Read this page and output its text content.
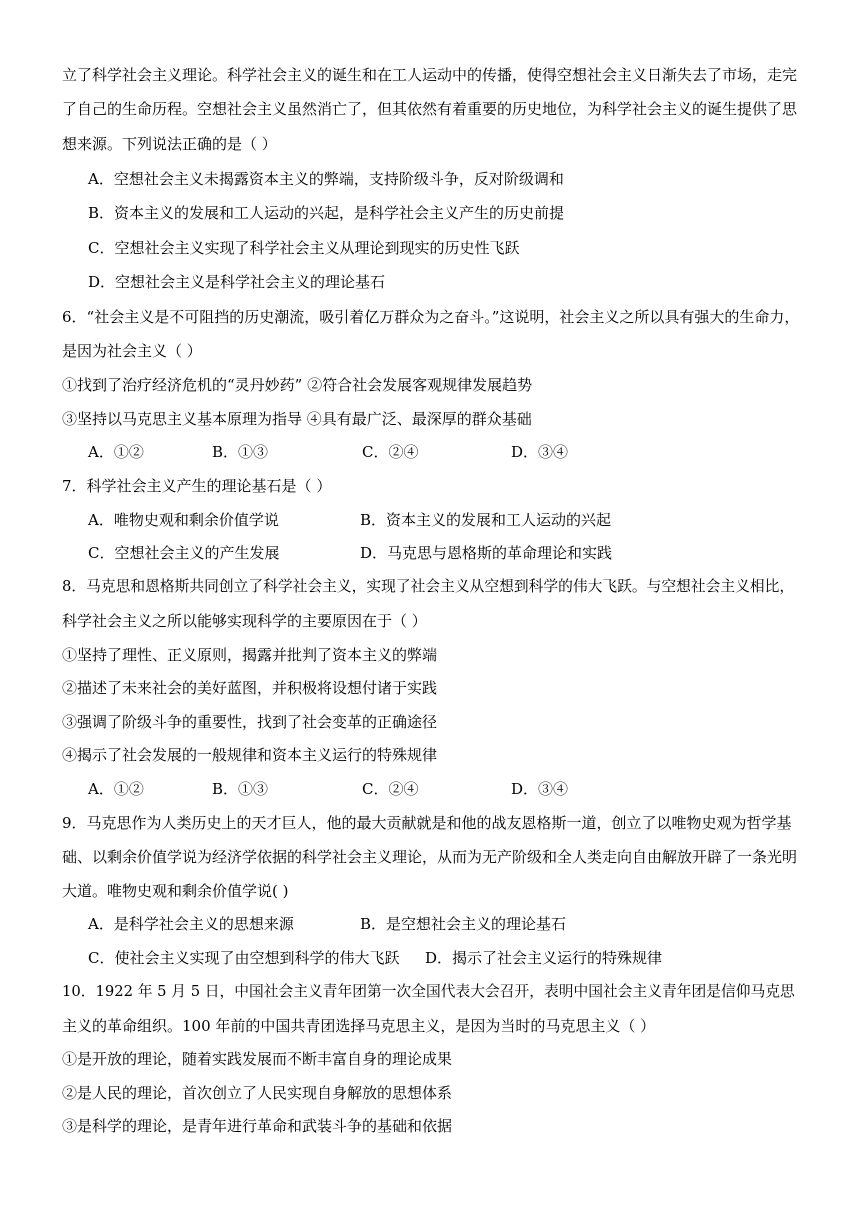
立了科学社会主义理论。科学社会主义的诞生和在工人运动中的传播，使得空想社会主义日渐失去了市场，走完
了自己的生命历程。空想社会主义虽然消亡了，但其依然有着重要的历史地位，为科学社会主义的诞生提供了思
想来源。下列说法正确的是（ ）
A．空想社会主义未揭露资本主义的弊端，支持阶级斗争，反对阶级调和
B．资本主义的发展和工人运动的兴起，是科学社会主义产生的历史前提
C．空想社会主义实现了科学社会主义从理论到现实的历史性飞跃
D．空想社会主义是科学社会主义的理论基石
6．“社会主义是不可阻挡的历史潮流，吸引着亿万群众为之奋斗。”这说明，社会主义之所以具有强大的生命力，
是因为社会主义（ ）
①找到了治疗经济危机的“灵丹妙药” ②符合社会发展客观规律发展趋势
③坚持以马克思主义基本原理为指导 ④具有最广泛、最深厚的群众基础
A．①②	B．①③	C．②④	D．③④
7．科学社会主义产生的理论基石是（ ）
A．唯物史观和剩余价值学说	B．资本主义的发展和工人运动的兴起
C．空想社会主义的产生发展	D．马克思与恩格斯的革命理论和实践
8．马克思和恩格斯共同创立了科学社会主义，实现了社会主义从空想到科学的伟大飞跃。与空想社会主义相比，
科学社会主义之所以能够实现科学的主要原因在于（ ）
①坚持了理性、正义原则，揭露并批判了资本主义的弊端
②描述了未来社会的美好蓝图，并积极将设想付诸于实践
③强调了阶级斗争的重要性，找到了社会变革的正确途径
④揭示了社会发展的一般规律和资本主义运行的特殊规律
A．①②	B．①③	C．②④	D．③④
9．马克思作为人类历史上的天才巨人，他的最大贡献就是和他的战友恩格斯一道，创立了以唯物史观为哲学基
础、以剩余价值学说为经济学依据的科学社会主义理论，从而为无产阶级和全人类走向自由解放开辟了一条光明
大道。唯物史观和剩余价值学说( )
A．是科学社会主义的思想来源	B．是空想社会主义的理论基石
C．使社会主义实现了由空想到科学的伟大飞跃 D．揭示了社会主义运行的特殊规律
10．1922 年 5 月 5 日，中国社会主义青年团第一次全国代表大会召开，表明中国社会主义青年团是信仰马克思
主义的革命组织。100 年前的中国共青团选择马克思主义，是因为当时的马克思主义（ ）
①是开放的理论，随着实践发展而不断丰富自身的理论成果
②是人民的理论，首次创立了人民实现自身解放的思想体系
③是科学的理论，是青年进行革命和武装斗争的基础和依据
